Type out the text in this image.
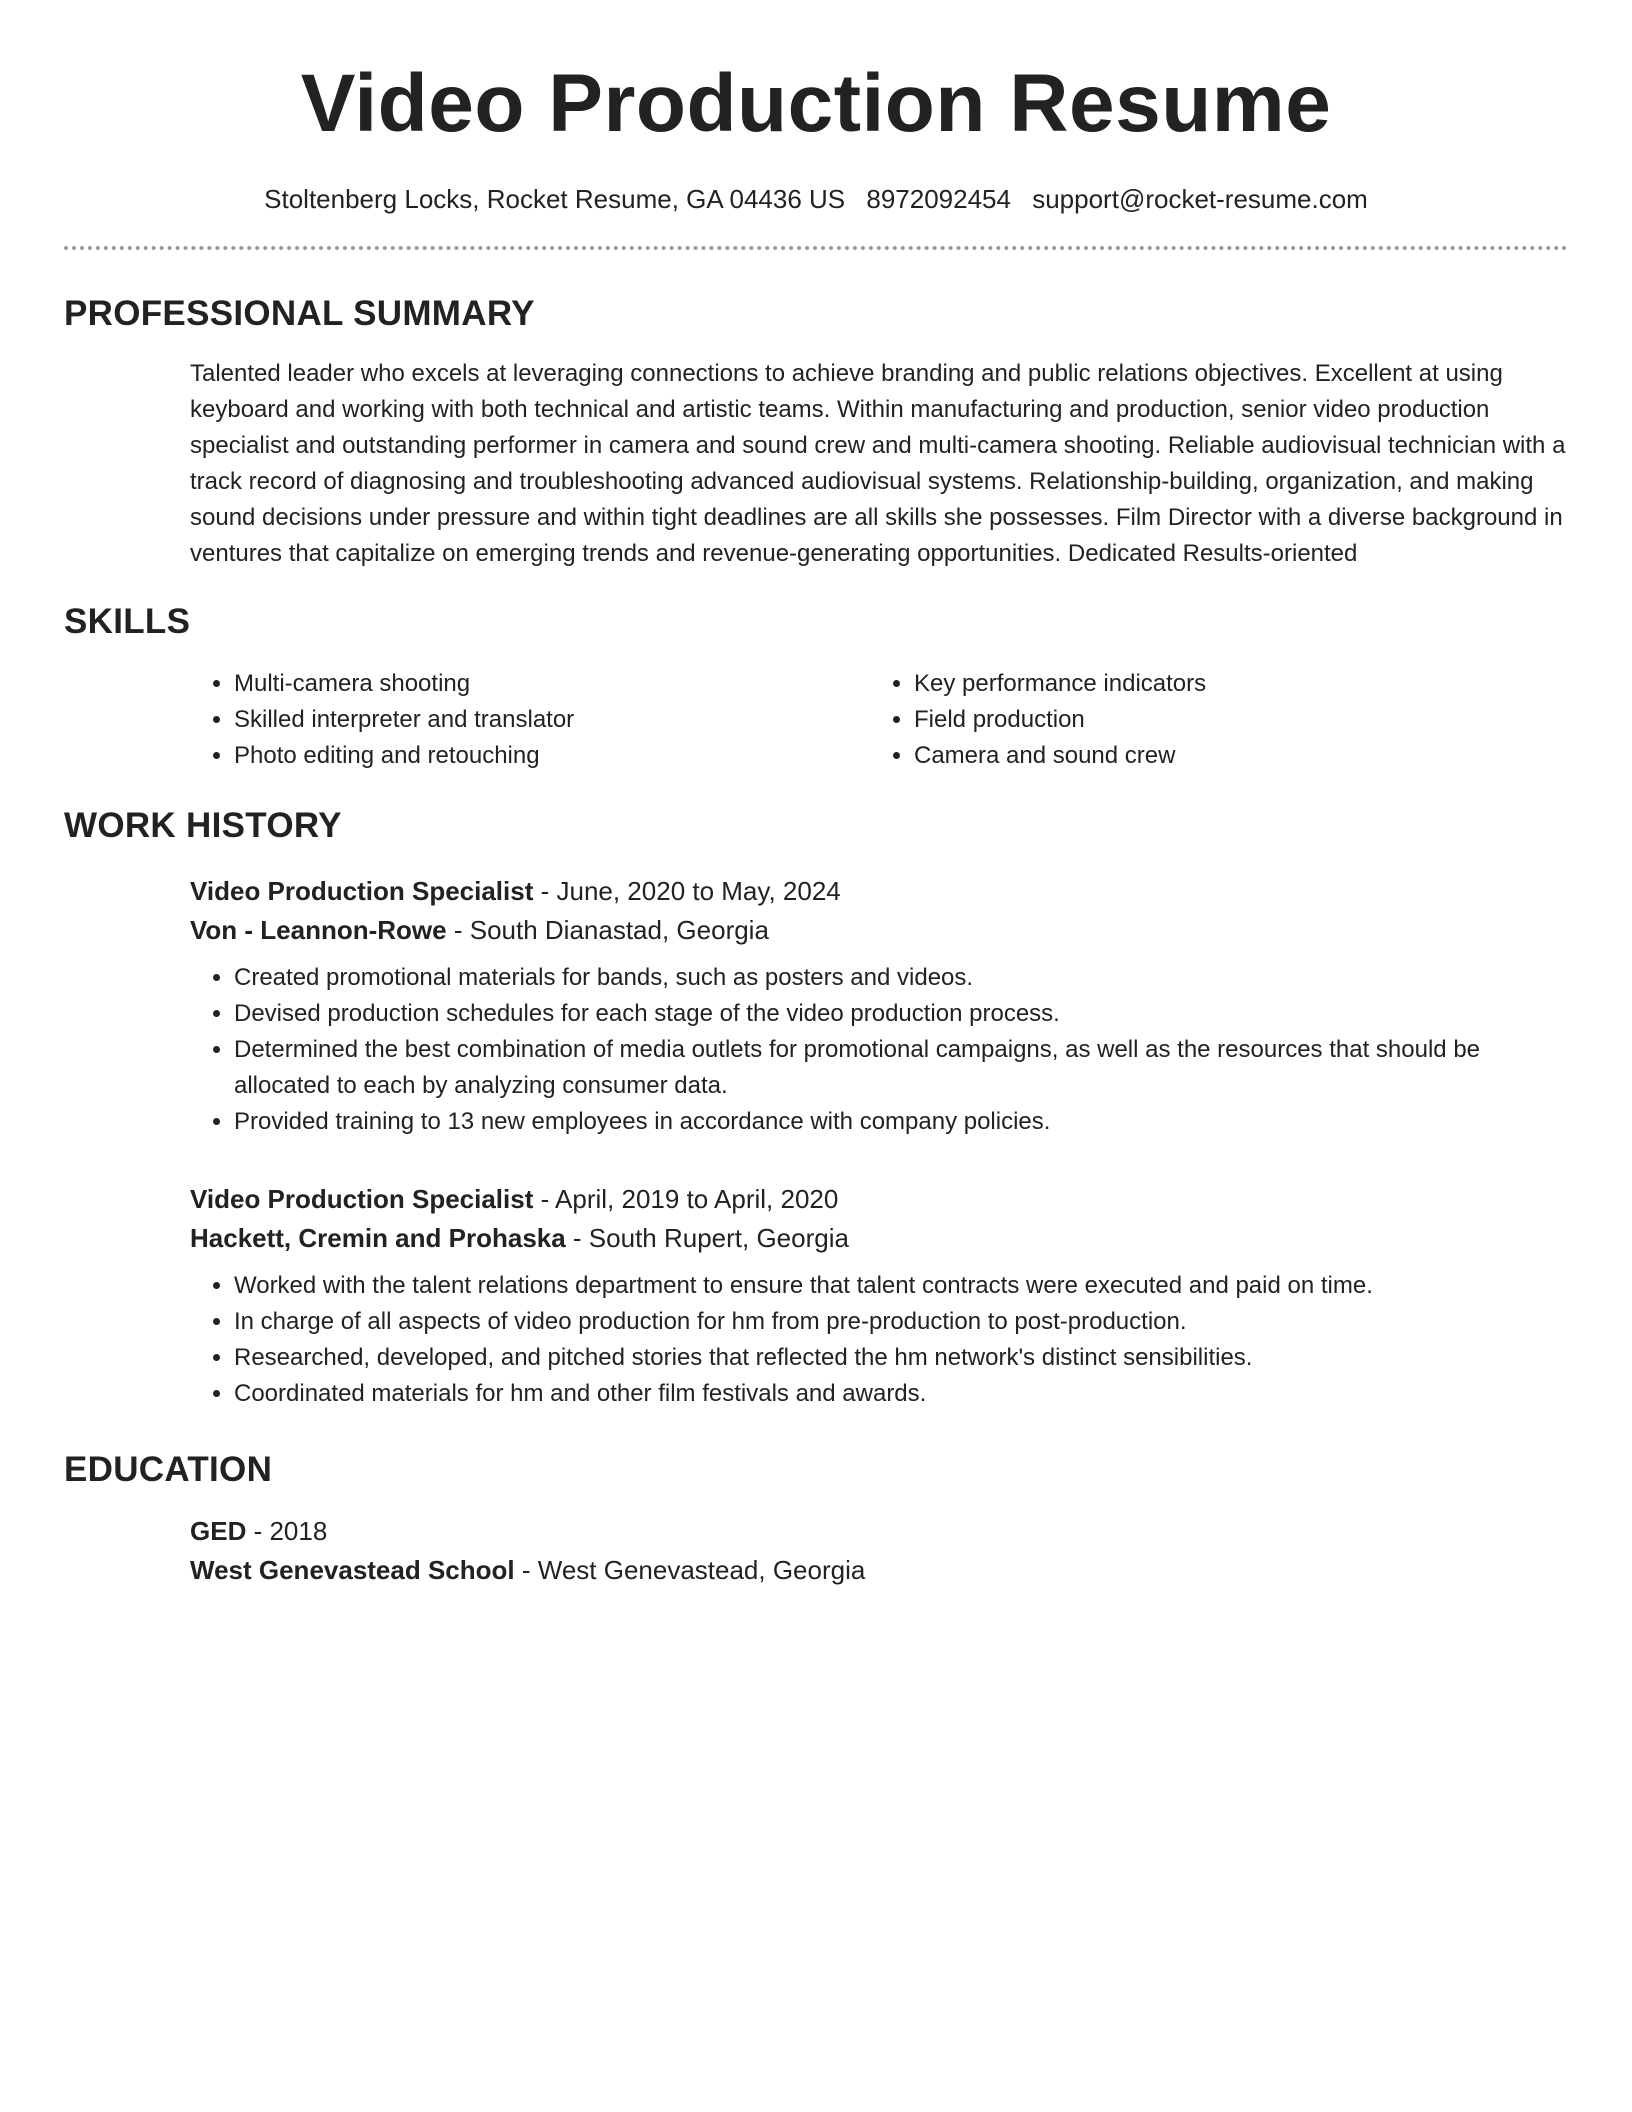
Video Production Resume
Stoltenberg Locks, Rocket Resume, GA 04436 US 8972092454 support@rocket-resume.com
PROFESSIONAL SUMMARY
Talented leader who excels at leveraging connections to achieve branding and public relations objectives. Excellent at using keyboard and working with both technical and artistic teams. Within manufacturing and production, senior video production specialist and outstanding performer in camera and sound crew and multi-camera shooting. Reliable audiovisual technician with a track record of diagnosing and troubleshooting advanced audiovisual systems. Relationship-building, organization, and making sound decisions under pressure and within tight deadlines are all skills she possesses. Film Director with a diverse background in ventures that capitalize on emerging trends and revenue-generating opportunities. Dedicated Results-oriented
SKILLS
• Multi-camera shooting
• Skilled interpreter and translator
• Photo editing and retouching
• Key performance indicators
• Field production
• Camera and sound crew
WORK HISTORY
Video Production Specialist - June, 2020 to May, 2024
Von - Leannon-Rowe - South Dianastad, Georgia
• Created promotional materials for bands, such as posters and videos.
• Devised production schedules for each stage of the video production process.
• Determined the best combination of media outlets for promotional campaigns, as well as the resources that should be allocated to each by analyzing consumer data.
• Provided training to 13 new employees in accordance with company policies.
Video Production Specialist - April, 2019 to April, 2020
Hackett, Cremin and Prohaska - South Rupert, Georgia
• Worked with the talent relations department to ensure that talent contracts were executed and paid on time.
• In charge of all aspects of video production for hm from pre-production to post-production.
• Researched, developed, and pitched stories that reflected the hm network's distinct sensibilities.
• Coordinated materials for hm and other film festivals and awards.
EDUCATION
GED - 2018
West Genevastead School - West Genevastead, Georgia
